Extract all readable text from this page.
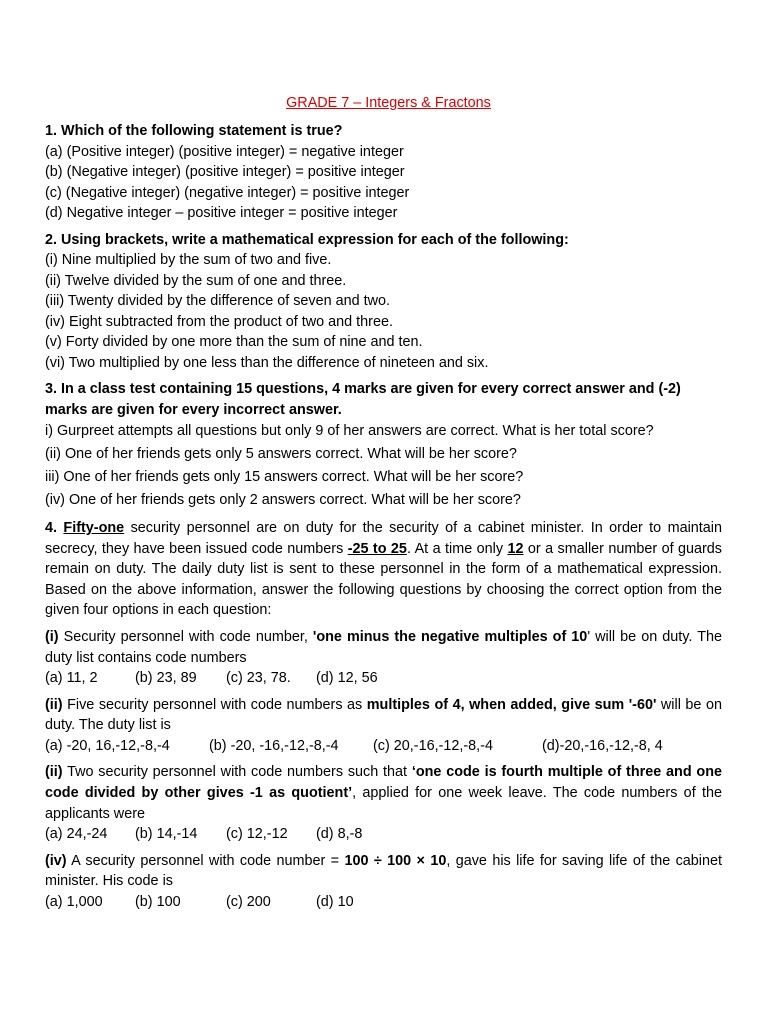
GRADE 7 – Integers & Fractons
1. Which of the following statement is true?
(a) (Positive integer) (positive integer) = negative integer
(b) (Negative integer) (positive integer) = positive integer
(c) (Negative integer) (negative integer) = positive integer
(d) Negative integer – positive integer = positive integer
2. Using brackets, write a mathematical expression for each of the following:
(i) Nine multiplied by the sum of two and five.
(ii) Twelve divided by the sum of one and three.
(iii) Twenty divided by the difference of seven and two.
(iv) Eight subtracted from the product of two and three.
(v) Forty divided by one more than the sum of nine and ten.
(vi) Two multiplied by one less than the difference of nineteen and six.
3. In a class test containing 15 questions, 4 marks are given for every correct answer and (-2) marks are given for every incorrect answer.
i) Gurpreet attempts all questions but only 9 of her answers are correct. What is her total score?
(ii) One of her friends gets only 5 answers correct. What will be her score?
iii) One of her friends gets only 15 answers correct. What will be her score?
(iv) One of her friends gets only 2 answers correct. What will be her score?
4. Fifty-one security personnel are on duty for the security of a cabinet minister. In order to maintain secrecy, they have been issued code numbers -25 to 25. At a time only 12 or a smaller number of guards remain on duty. The daily duty list is sent to these personnel in the form of a mathematical expression. Based on the above information, answer the following questions by choosing the correct option from the given four options in each question:
(i) Security personnel with code number, 'one minus the negative multiples of 10' will be on duty. The duty list contains code numbers
(a) 11, 2	(b) 23, 89	(c) 23, 78.	(d) 12, 56
(ii) Five security personnel with code numbers as multiples of 4, when added, give sum '-60' will be on duty. The duty list is
(a) -20, 16,-12,-8,-4	(b) -20, -16,-12,-8,-4	(c) 20,-16,-12,-8,-4	(d)-20,-16,-12,-8, 4
(ii) Two security personnel with code numbers such that ‘one code is fourth multiple of three and one code divided by other gives -1 as quotient’, applied for one week leave. The code numbers of the applicants were
(a) 24,-24	(b) 14,-14	(c) 12,-12	(d) 8,-8
(iv) A security personnel with code number = 100 ÷ 100 × 10, gave his life for saving life of the cabinet minister. His code is
(a) 1,000	(b) 100	(c) 200	(d) 10
